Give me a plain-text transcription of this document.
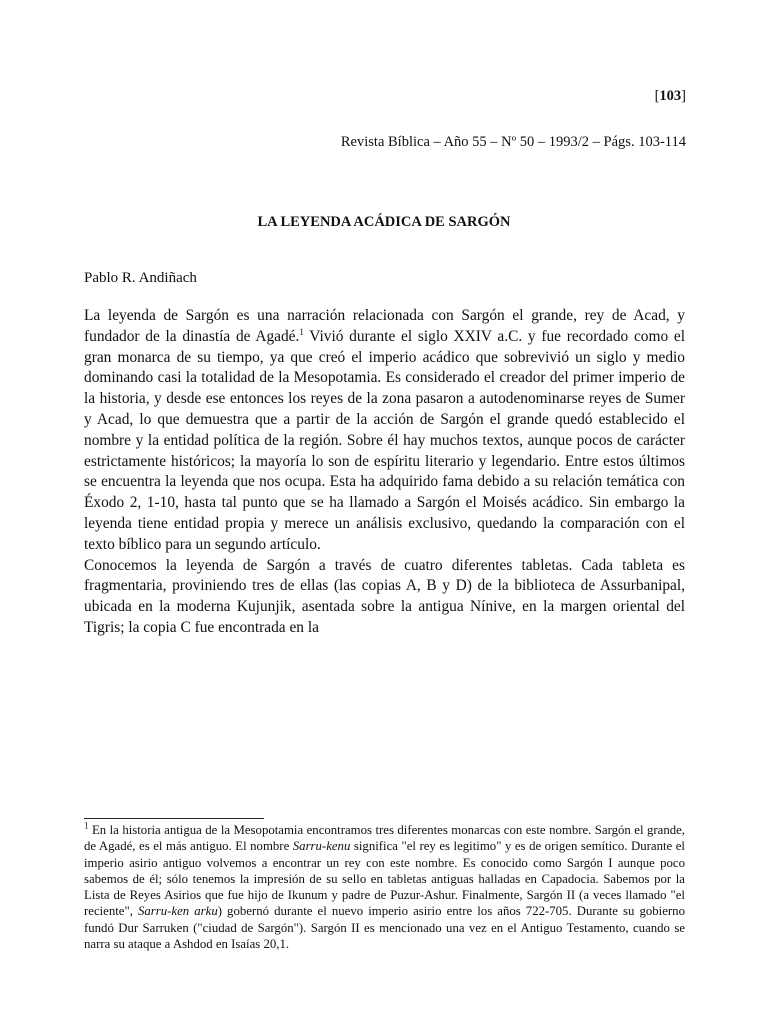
[103]
Revista Bíblica – Año 55 – Nº 50 – 1993/2 – Págs. 103-114
LA LEYENDA ACÁDICA DE SARGÓN
Pablo R. Andiñach

La leyenda de Sargón es una narración relacionada con Sargón el grande, rey de Acad, y fundador de la dinastía de Agadé.$^1$ Vivió durante el siglo XXIV a.C. y fue recordado como el gran monarca de su tiempo, ya que creó el imperio acádico que sobrevivió un siglo y medio dominando casi la totalidad de la Mesopotamia. Es considerado el creador del primer imperio de la historia, y desde ese entonces los reyes de la zona pasaron a autodenominarse reyes de Sumer y Acad, lo que demuestra que a partir de la acción de Sargón el grande quedó establecido el nombre y la entidad política de la región. Sobre él hay muchos textos, aunque pocos de carácter estrictamente históricos; la mayoría lo son de espíritu literario y legendario. Entre estos últimos se encuentra la leyenda que nos ocupa. Esta ha adquirido fama debido a su relación temática con Éxodo 2, 1-10, hasta tal punto que se ha llamado a Sargón el Moisés acádico. Sin embargo la leyenda tiene entidad propia y merece un análisis exclusivo, quedando la comparación con el texto bíblico para un segundo artículo.

Conocemos la leyenda de Sargón a través de cuatro diferentes tabletas. Cada tableta es fragmentaria, proviniendo tres de ellas (las copias A, B y D) de la biblioteca de Assurbanipal, ubicada en la moderna Kujunjik, asentada sobre la antigua Nínive, en la margen oriental del Tigris; la copia C fue encontrada en la

$^1$ En la historia antigua de la Mesopotamia encontramos tres diferentes monarcas con este nombre. Sargón el grande, de Agadé, es el más antiguo. El nombre Sarru-kenu significa "el rey es legitimo" y es de origen semítico. Durante el imperio asirio antiguo volvemos a encontrar un rey con este nombre. Es conocido como Sargón I aunque poco sabemos de él; sólo tenemos la impresión de su sello en tabletas antiguas halladas en Capadocia. Sabemos por la Lista de Reyes Asirios que fue hijo de Ikunum y padre de Puzur-Ashur. Finalmente, Sargón II (a veces llamado "el reciente", Sarru-ken arku) gobernó durante el nuevo imperio asirio entre los años 722-705. Durante su gobierno fundó Dur Sarruken ("ciudad de Sargón"). Sargón II es mencionado una vez en el Antiguo Testamento, cuando se narra su ataque a Ashdod en Isaías 20,1.
